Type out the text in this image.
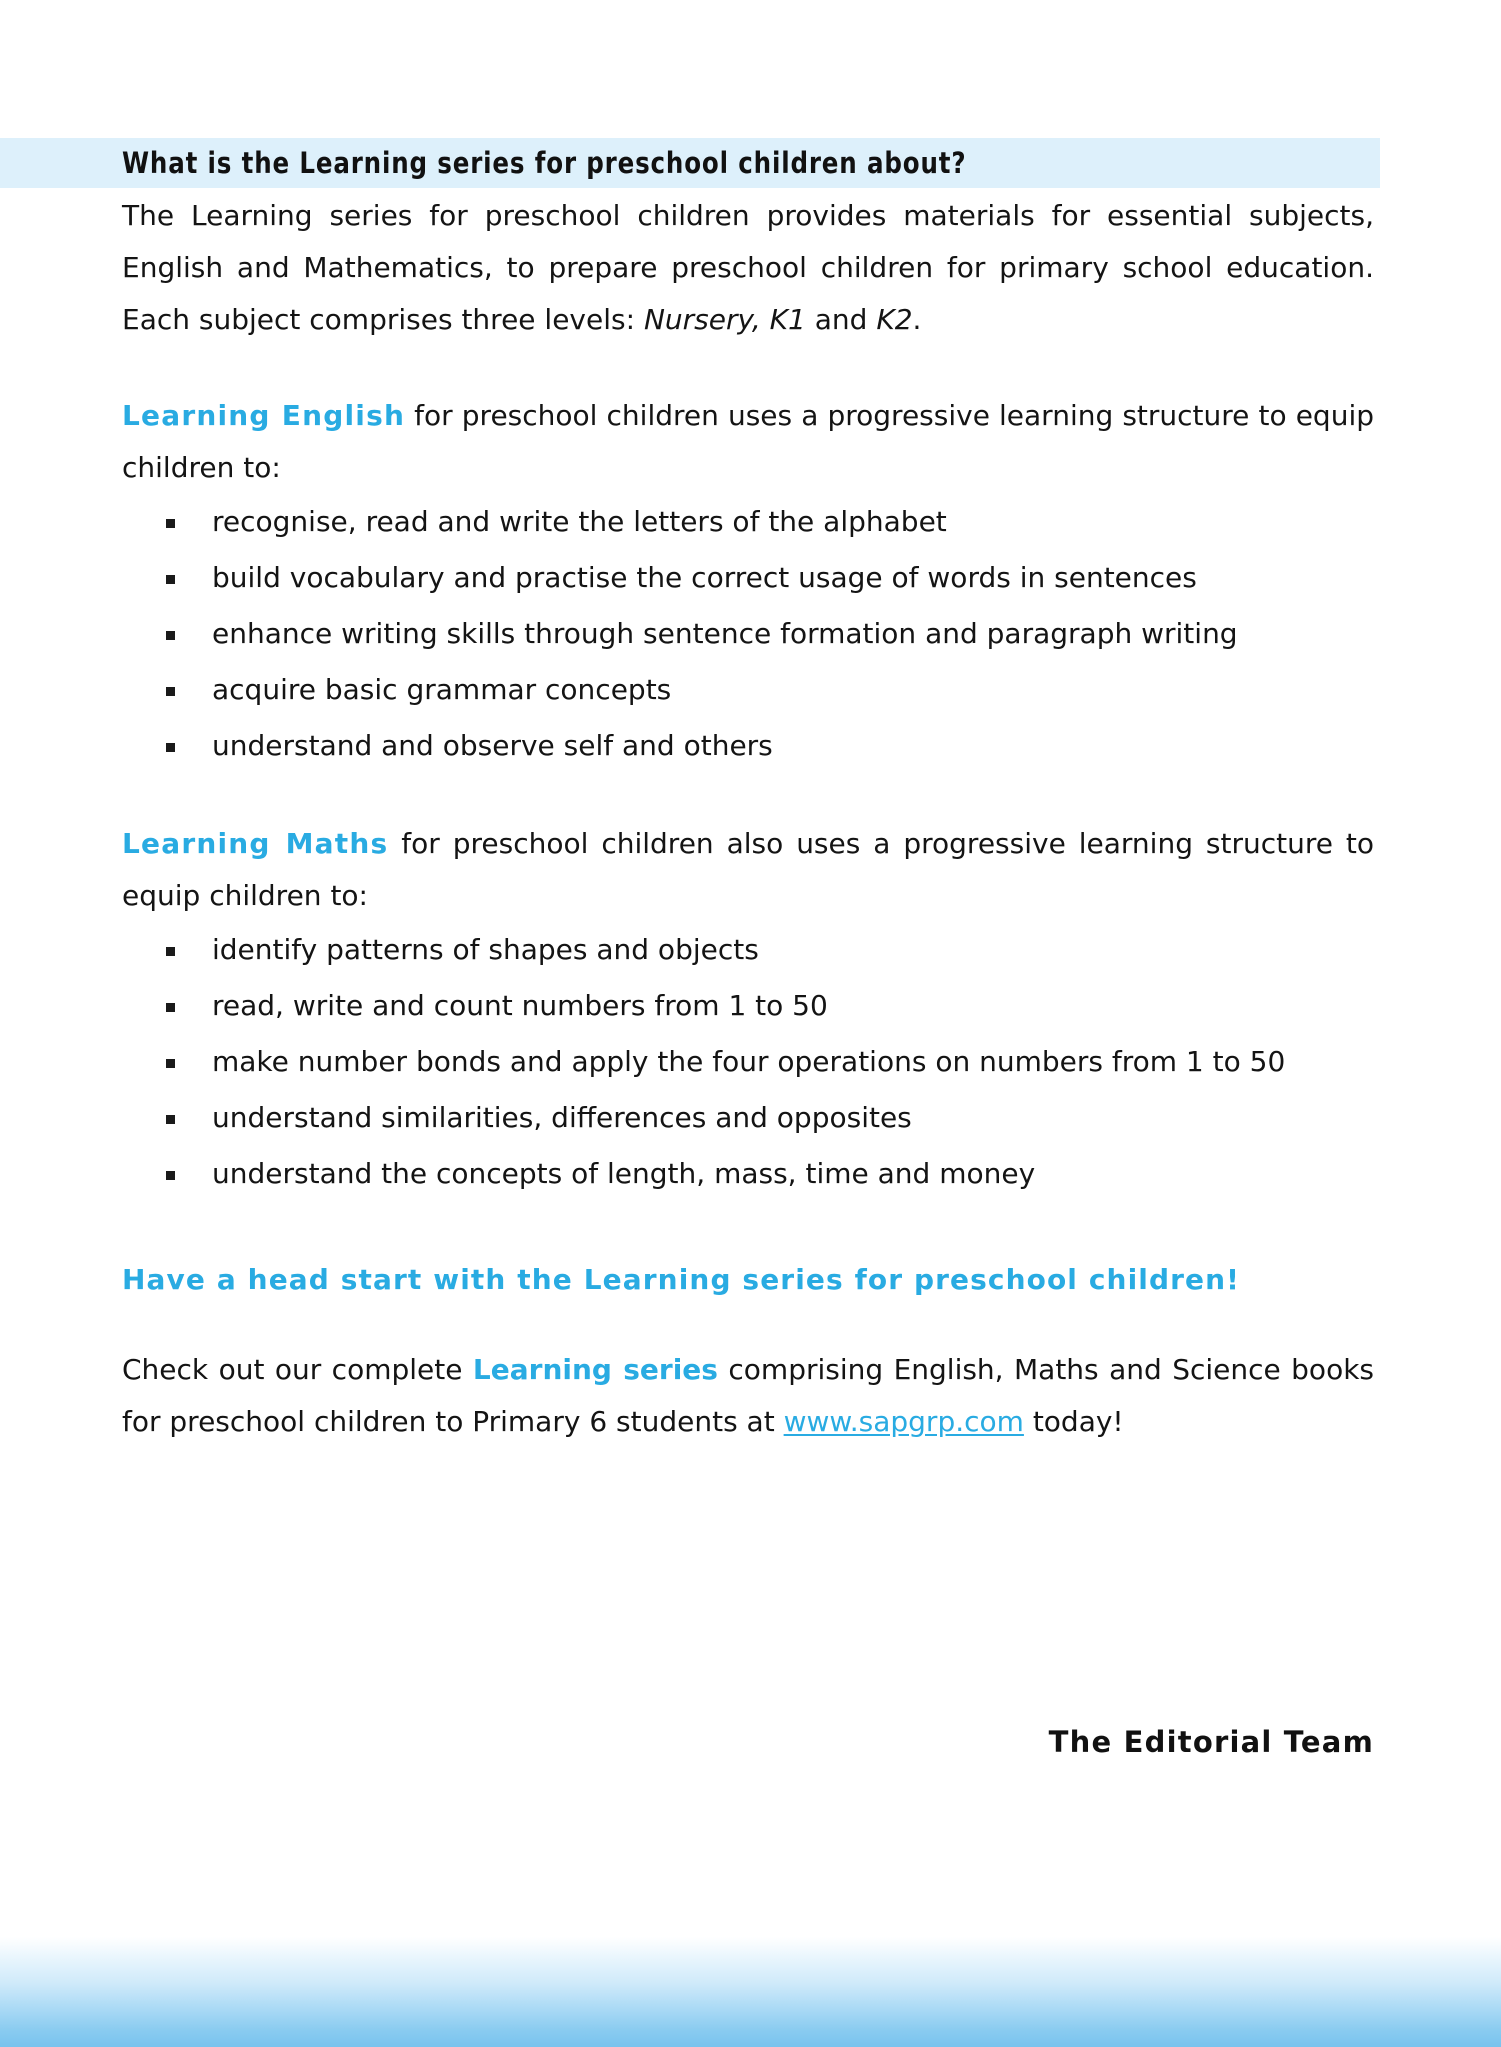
What is the Learning series for preschool children about?

The Learning series for preschool children provides materials for essential subjects, English and Mathematics, to prepare preschool children for primary school education. Each subject comprises three levels: Nursery, K1 and K2.

Learning English for preschool children uses a progressive learning structure to equip children to:

recognise, read and write the letters of the alphabet
build vocabulary and practise the correct usage of words in sentences
enhance writing skills through sentence formation and paragraph writing
acquire basic grammar concepts
understand and observe self and others

Learning Maths for preschool children also uses a progressive learning structure to equip children to:

identify patterns of shapes and objects
read, write and count numbers from 1 to 50
make number bonds and apply the four operations on numbers from 1 to 50
understand similarities, differences and opposites
understand the concepts of length, mass, time and money

Have a head start with the Learning series for preschool children!

Check out our complete Learning series comprising English, Maths and Science books for preschool children to Primary 6 students at www.sapgrp.com today!

The Editorial Team
